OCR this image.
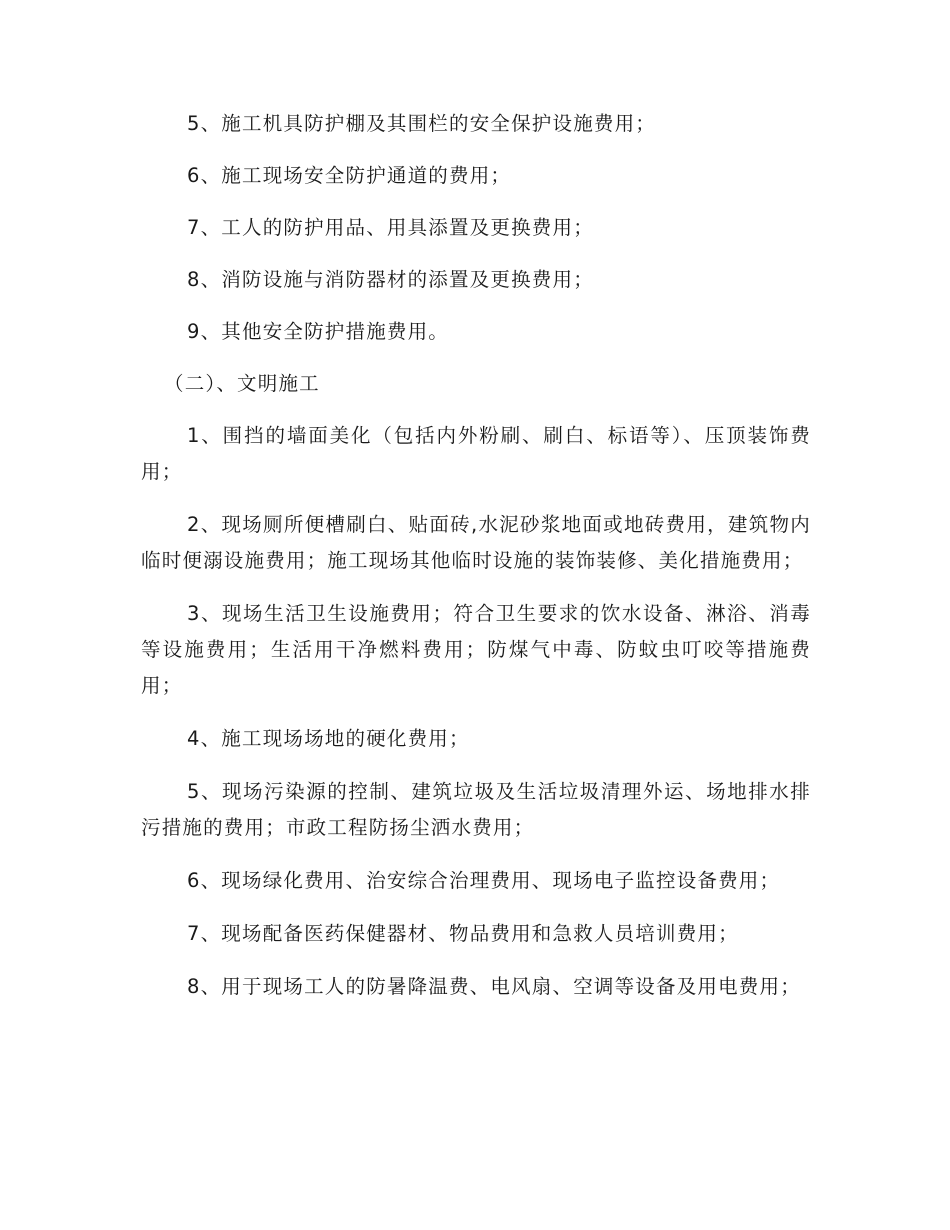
5、施工机具防护棚及其围栏的安全保护设施费用；

6、施工现场安全防护通道的费用；

7、工人的防护用品、用具添置及更换费用；

8、消防设施与消防器材的添置及更换费用；

9、其他安全防护措施费用。

（二）、文明施工

1、围挡的墙面美化（包括内外粉刷、刷白、标语等）、压顶装饰费用；

2、现场厕所便槽刷白、贴面砖,水泥砂浆地面或地砖费用，建筑物内临时便溺设施费用；施工现场其他临时设施的装饰装修、美化措施费用；

3、现场生活卫生设施费用；符合卫生要求的饮水设备、淋浴、消毒等设施费用；生活用干净燃料费用；防煤气中毒、防蚊虫叮咬等措施费用；

4、施工现场场地的硬化费用；

5、现场污染源的控制、建筑垃圾及生活垃圾清理外运、场地排水排污措施的费用；市政工程防扬尘洒水费用；

6、现场绿化费用、治安综合治理费用、现场电子监控设备费用；

7、现场配备医药保健器材、物品费用和急救人员培训费用；

8、用于现场工人的防暑降温费、电风扇、空调等设备及用电费用；
